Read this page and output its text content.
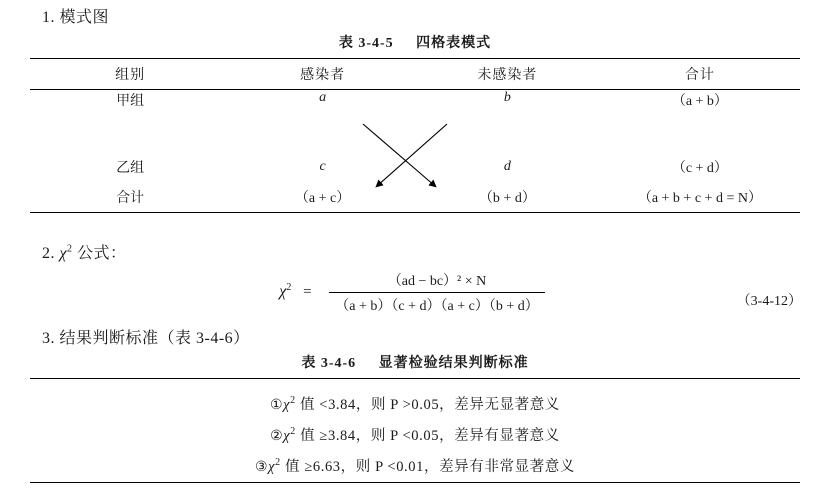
1. 模式图
表 3-4-5 四格表模式
组别	感染者	未感染者	合计
甲组	a	b	（a + b）
乙组	c	d	（c + d）
合计	（a + c）	（b + d）	（a + b + c + d = N）
2. $\chi^2$ 公式：
$\chi^2 = \frac{\text{（ad − bc）² × N}}{(a + b)(c + d)(a + c)(b + d)}$	（3-4-12）
3. 结果判断标准（表 3-4-6）
表 3-4-6 显著检验结果判断标准
$①\chi^2$ 值 <3.84，则 P >0.05，差异无显著意义
$②\chi^2$ 值 ≥3.84，则 P <0.05，差异有显著意义
$③\chi^2$ 值 ≥6.63，则 P <0.01，差异有非常显著意义
